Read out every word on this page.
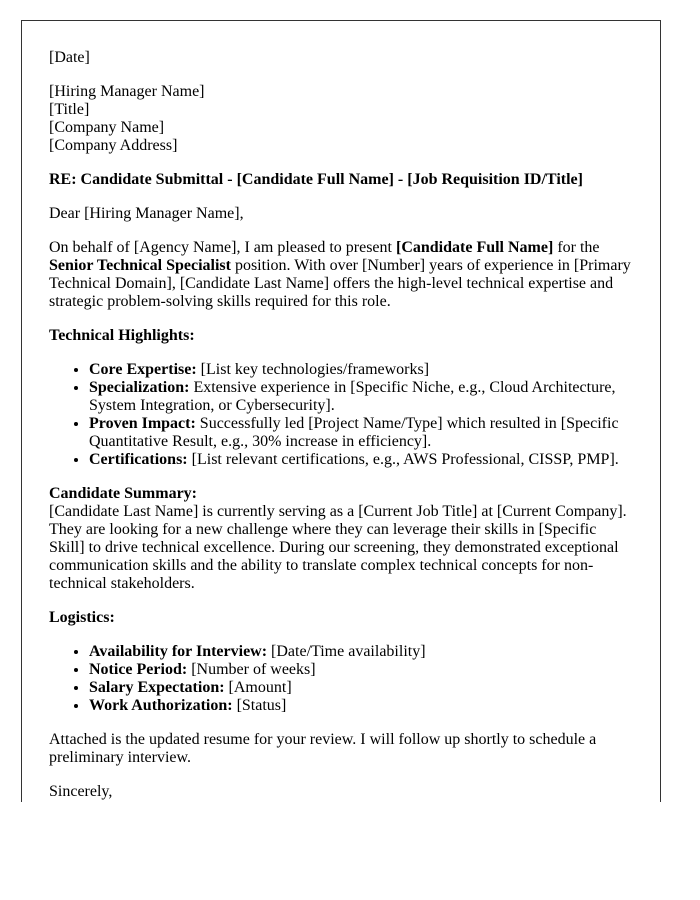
[Date]

[Hiring Manager Name]
[Title]
[Company Name]
[Company Address]

RE: Candidate Submittal - [Candidate Full Name] - [Job Requisition ID/Title]

Dear [Hiring Manager Name],

On behalf of [Agency Name], I am pleased to present [Candidate Full Name] for the Senior Technical Specialist position. With over [Number] years of experience in [Primary Technical Domain], [Candidate Last Name] offers the high-level technical expertise and strategic problem-solving skills required for this role.

Technical Highlights:

• Core Expertise: [List key technologies/frameworks]
• Specialization: Extensive experience in [Specific Niche, e.g., Cloud Architecture, System Integration, or Cybersecurity].
• Proven Impact: Successfully led [Project Name/Type] which resulted in [Specific Quantitative Result, e.g., 30% increase in efficiency].
• Certifications: [List relevant certifications, e.g., AWS Professional, CISSP, PMP].

Candidate Summary:
[Candidate Last Name] is currently serving as a [Current Job Title] at [Current Company]. They are looking for a new challenge where they can leverage their skills in [Specific Skill] to drive technical excellence. During our screening, they demonstrated exceptional communication skills and the ability to translate complex technical concepts for non-technical stakeholders.

Logistics:

• Availability for Interview: [Date/Time availability]
• Notice Period: [Number of weeks]
• Salary Expectation: [Amount]
• Work Authorization: [Status]

Attached is the updated resume for your review. I will follow up shortly to schedule a preliminary interview.

Sincerely,
